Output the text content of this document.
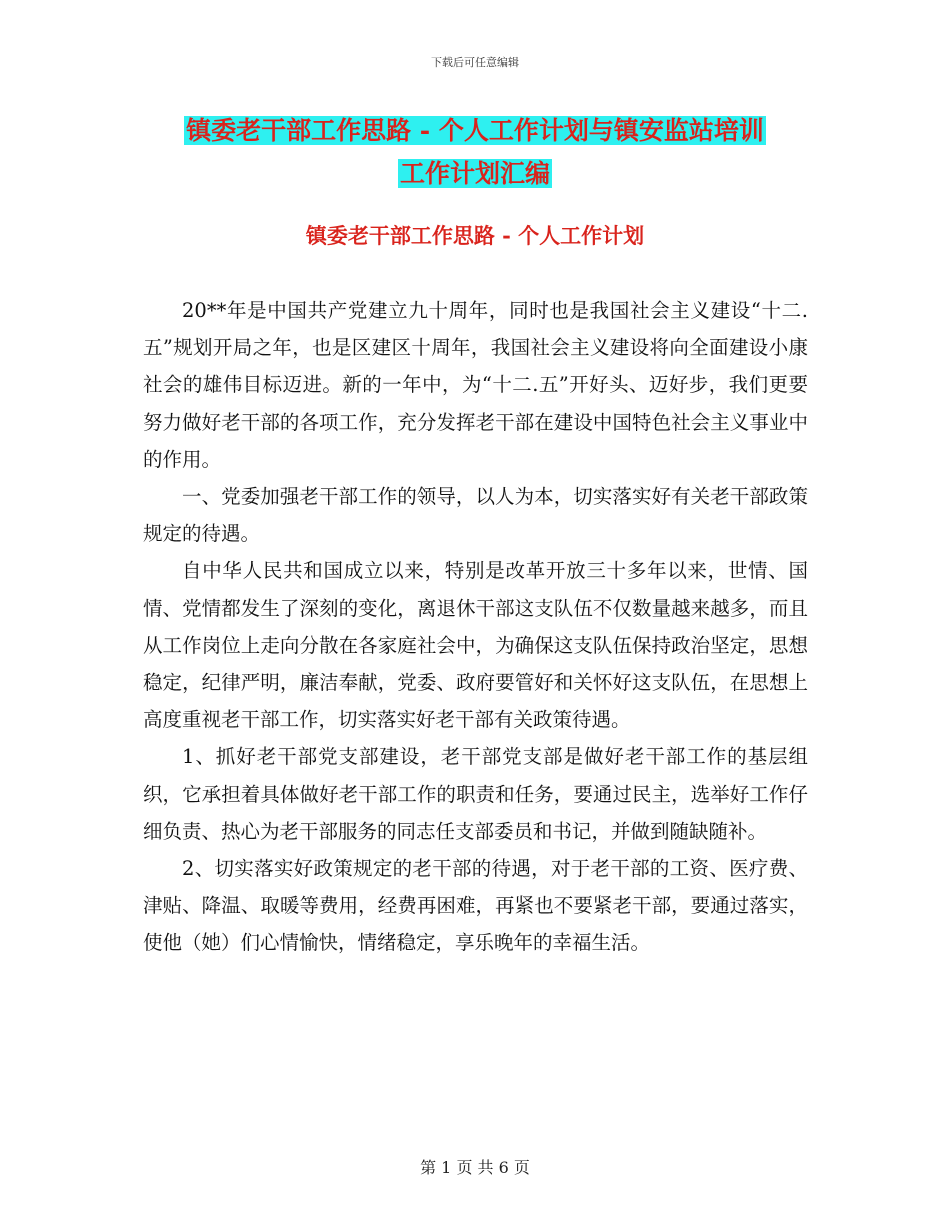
下载后可任意编辑
镇委老干部工作思路 - 个人工作计划与镇安监站培训
工作计划汇编
镇委老干部工作思路 - 个人工作计划

20**年是中国共产党建立九十周年，同时也是我国社会主义建设“十二.五”规划开局之年，也是区建区十周年，我国社会主义建设将向全面建设小康社会的雄伟目标迈进。新的一年中，为“十二.五”开好头、迈好步，我们更要努力做好老干部的各项工作，充分发挥老干部在建设中国特色社会主义事业中的作用。

一、党委加强老干部工作的领导，以人为本，切实落实好有关老干部政策规定的待遇。

自中华人民共和国成立以来，特别是改革开放三十多年以来，世情、国情、党情都发生了深刻的变化，离退休干部这支队伍不仅数量越来越多，而且从工作岗位上走向分散在各家庭社会中，为确保这支队伍保持政治坚定，思想稳定，纪律严明，廉洁奉献，党委、政府要管好和关怀好这支队伍，在思想上高度重视老干部工作，切实落实好老干部有关政策待遇。

1、抓好老干部党支部建设，老干部党支部是做好老干部工作的基层组织，它承担着具体做好老干部工作的职责和任务，要通过民主，选举好工作仔细负责、热心为老干部服务的同志任支部委员和书记，并做到随缺随补。

2、切实落实好政策规定的老干部的待遇，对于老干部的工资、医疗费、津贴、降温、取暖等费用，经费再困难，再紧也不要紧老干部，要通过落实，使他（她）们心情愉快，情绪稳定，享乐晚年的幸福生活。

第 1 页 共 6 页
